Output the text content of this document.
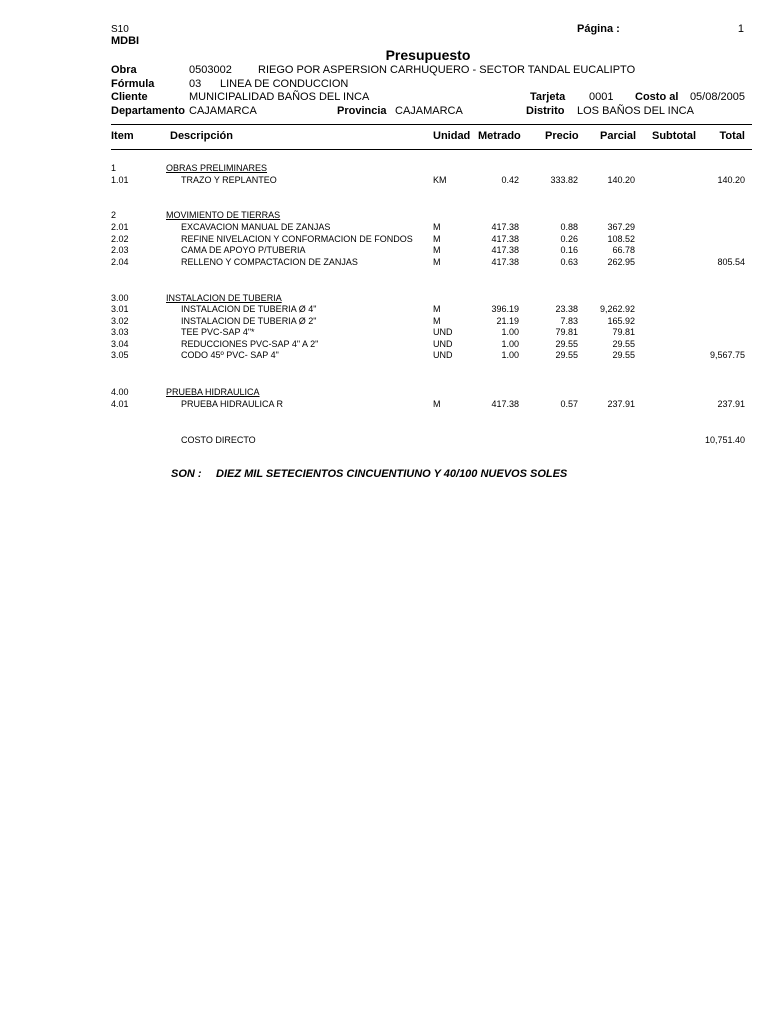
S10
MDBI
Página :	1
Presupuesto
Obra	0503002 RIEGO POR ASPERSION CARHUQUERO - SECTOR TANDAL EUCALIPTO
Fórmula	03 LINEA DE CONDUCCION
Cliente	MUNICIPALIDAD BAÑOS DEL INCA	Tarjeta 0001 Costo al 05/08/2005
Departamento CAJAMARCA	Provincia CAJAMARCA	Distrito LOS BAÑOS DEL INCA
Item	Descripción	Unidad Metrado Precio Parcial Subtotal Total
1	OBRAS PRELIMINARES
1.01	TRAZO Y REPLANTEO	KM	0.42	333.82	140.20	140.20
2	MOVIMIENTO DE TIERRAS
2.01	EXCAVACION MANUAL DE ZANJAS	M	417.38	0.88	367.29
2.02	REFINE NIVELACION Y CONFORMACION DE FONDOS M	417.38	0.26	108.52
2.03	CAMA DE APOYO P/TUBERIA	M	417.38	0.16	66.78
2.04	RELLENO Y COMPACTACION DE ZANJAS	M	417.38	0.63	262.95	805.54
3.00	INSTALACION DE TUBERIA
3.01	INSTALACION DE TUBERIA Ø 4"	M	396.19	23.38 9,262.92
3.02	INSTALACION DE TUBERIA Ø 2"	M	21.19	7.83	165.92
3.03	TEE PVC-SAP 4"*	UND	1.00	79.81	79.81
3.04	REDUCCIONES PVC-SAP 4" A 2"	UND	1.00	29.55	29.55
3.05	CODO 45º PVC- SAP 4"	UND	1.00	29.55	29.55	9,567.75
4.00	PRUEBA HIDRAULICA
4.01	PRUEBA HIDRAULICA R	M	417.38	0.57	237.91	237.91
COSTO DIRECTO	10,751.40
SON : DIEZ MIL SETECIENTOS CINCUENTIUNO Y 40/100 NUEVOS SOLES
